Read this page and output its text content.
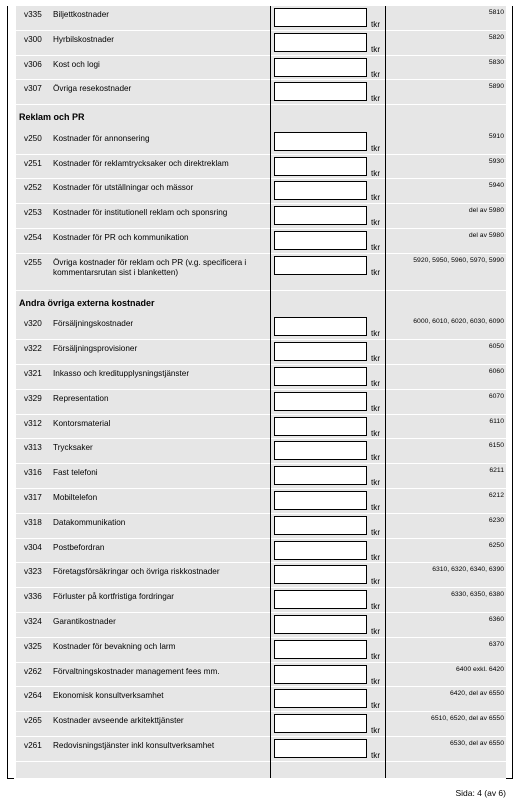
v335 Biljettkostnader
tkr
5810
v300 Hyrbilskostnader
tkr
5820
v306 Kost och logi
tkr
5830
v307 Övriga resekostnader
tkr
5890
Reklam och PR
v250 Kostnader för annonsering
tkr
5910
v251 Kostnader för reklamtrycksaker och direktreklam
tkr
5930
v252 Kostnader för utställningar och mässor
tkr
5940
v253 Kostnader för institutionell reklam och sponsring
tkr
del av 5980
v254 Kostnader för PR och kommunikation
tkr
del av 5980
v255 Övriga kostnader för reklam och PR (v.g. specificera i kommentarsrutan sist i blanketten)	tkr
5920, 5950, 5960, 5970, 5990
Andra övriga externa kostnader
v320 Försäljningskostnader
tkr
6000, 6010, 6020, 6030, 6090
v322 Försäljningsprovisioner
tkr
6050
v321 Inkasso och kreditupplysningstjänster
tkr
6060
v329 Representation
tkr
6070
v312 Kontorsmaterial
tkr
6110
v313 Trycksaker
tkr
6150
v316 Fast telefoni
tkr
6211
v317 Mobiltelefon
tkr
6212
v318 Datakommunikation
tkr
6230
v304 Postbefordran
tkr
6250
v323 Företagsförsäkringar och övriga riskkostnader
tkr
6310, 6320, 6340, 6390
v336 Förluster på kortfristiga fordringar
tkr
6330, 6350, 6380
v324 Garantikostnader
tkr
6360
v325 Kostnader för bevakning och larm
tkr
6370
v262 Förvaltningskostnader management fees mm.
tkr
6400 exkl. 6420
v264 Ekonomisk konsultverksamhet
tkr
6420, del av 6550
v265 Kostnader avseende arkitekttjänster
tkr
6510, 6520, del av 6550
v261 Redovisningstjänster inkl konsultverksamhet
tkr
6530, del av 6550
Sida: 4 (av 6)
